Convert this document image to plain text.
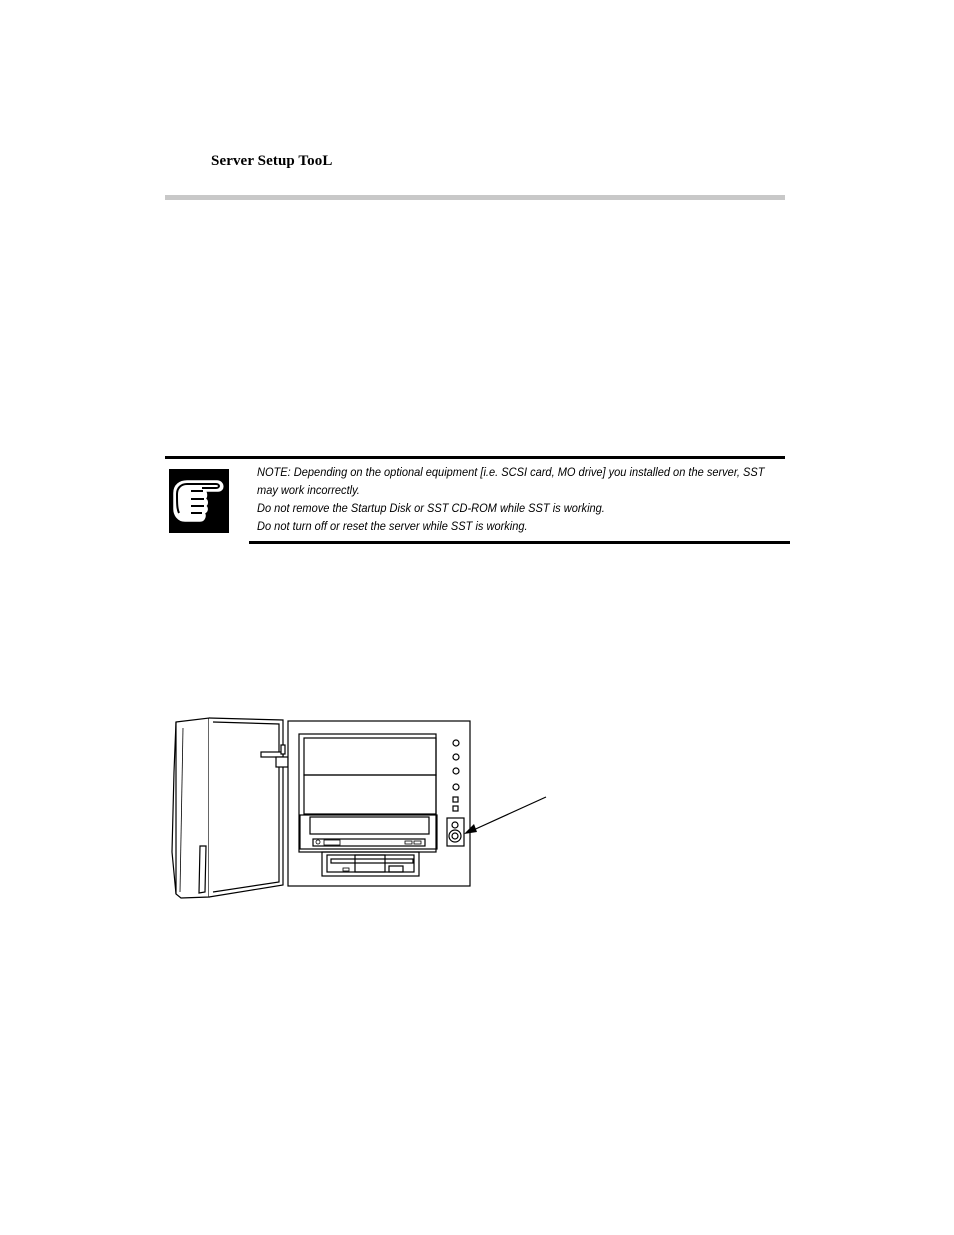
Server Setup TooL

NOTE: Depending on the optional equipment [i.e. SCSI card, MO drive] you installed on the server, SST

may work incorrectly.

Do not remove the Startup Disk or SST CD-ROM while SST is working.

Do not turn off or reset the server while SST is working.
